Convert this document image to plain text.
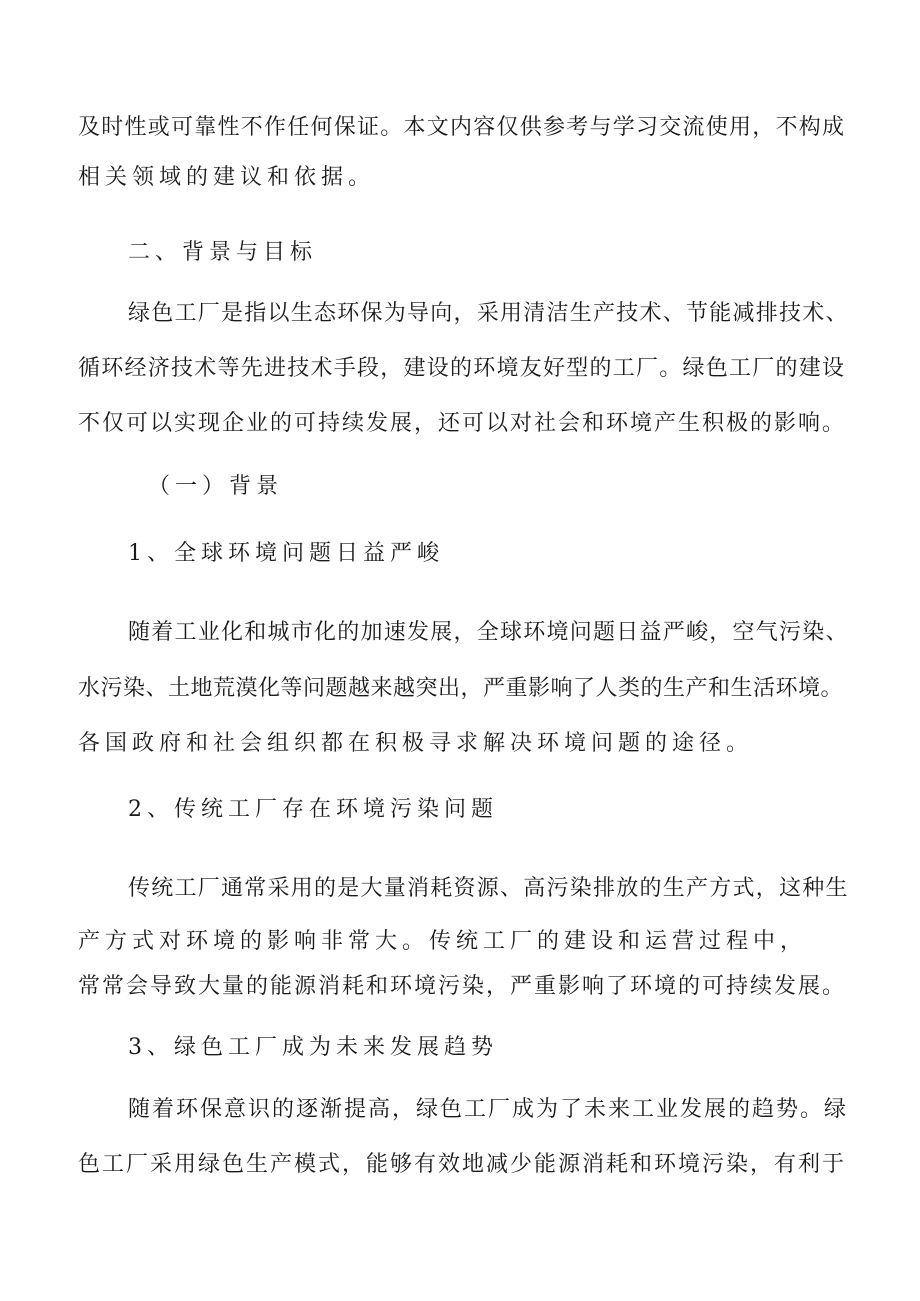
及时性或可靠性不作任何保证。本文内容仅供参考与学习交流使用，不构成
相关领域的建议和依据。
二、背景与目标
绿色工厂是指以生态环保为导向，采用清洁生产技术、节能减排技术、
循环经济技术等先进技术手段，建设的环境友好型的工厂。绿色工厂的建设
不仅可以实现企业的可持续发展，还可以对社会和环境产生积极的影响。
（一）背景
1、全球环境问题日益严峻
随着工业化和城市化的加速发展，全球环境问题日益严峻，空气污染、
水污染、土地荒漠化等问题越来越突出，严重影响了人类的生产和生活环境。
各国政府和社会组织都在积极寻求解决环境问题的途径。
2、传统工厂存在环境污染问题
传统工厂通常采用的是大量消耗资源、高污染排放的生产方式，这种生
产方式对环境的影响非常大。传统工厂的建设和运营过程中，
常常会导致大量的能源消耗和环境污染，严重影响了环境的可持续发展。
3、绿色工厂成为未来发展趋势
随着环保意识的逐渐提高，绿色工厂成为了未来工业发展的趋势。绿
色工厂采用绿色生产模式，能够有效地减少能源消耗和环境污染，有利于
